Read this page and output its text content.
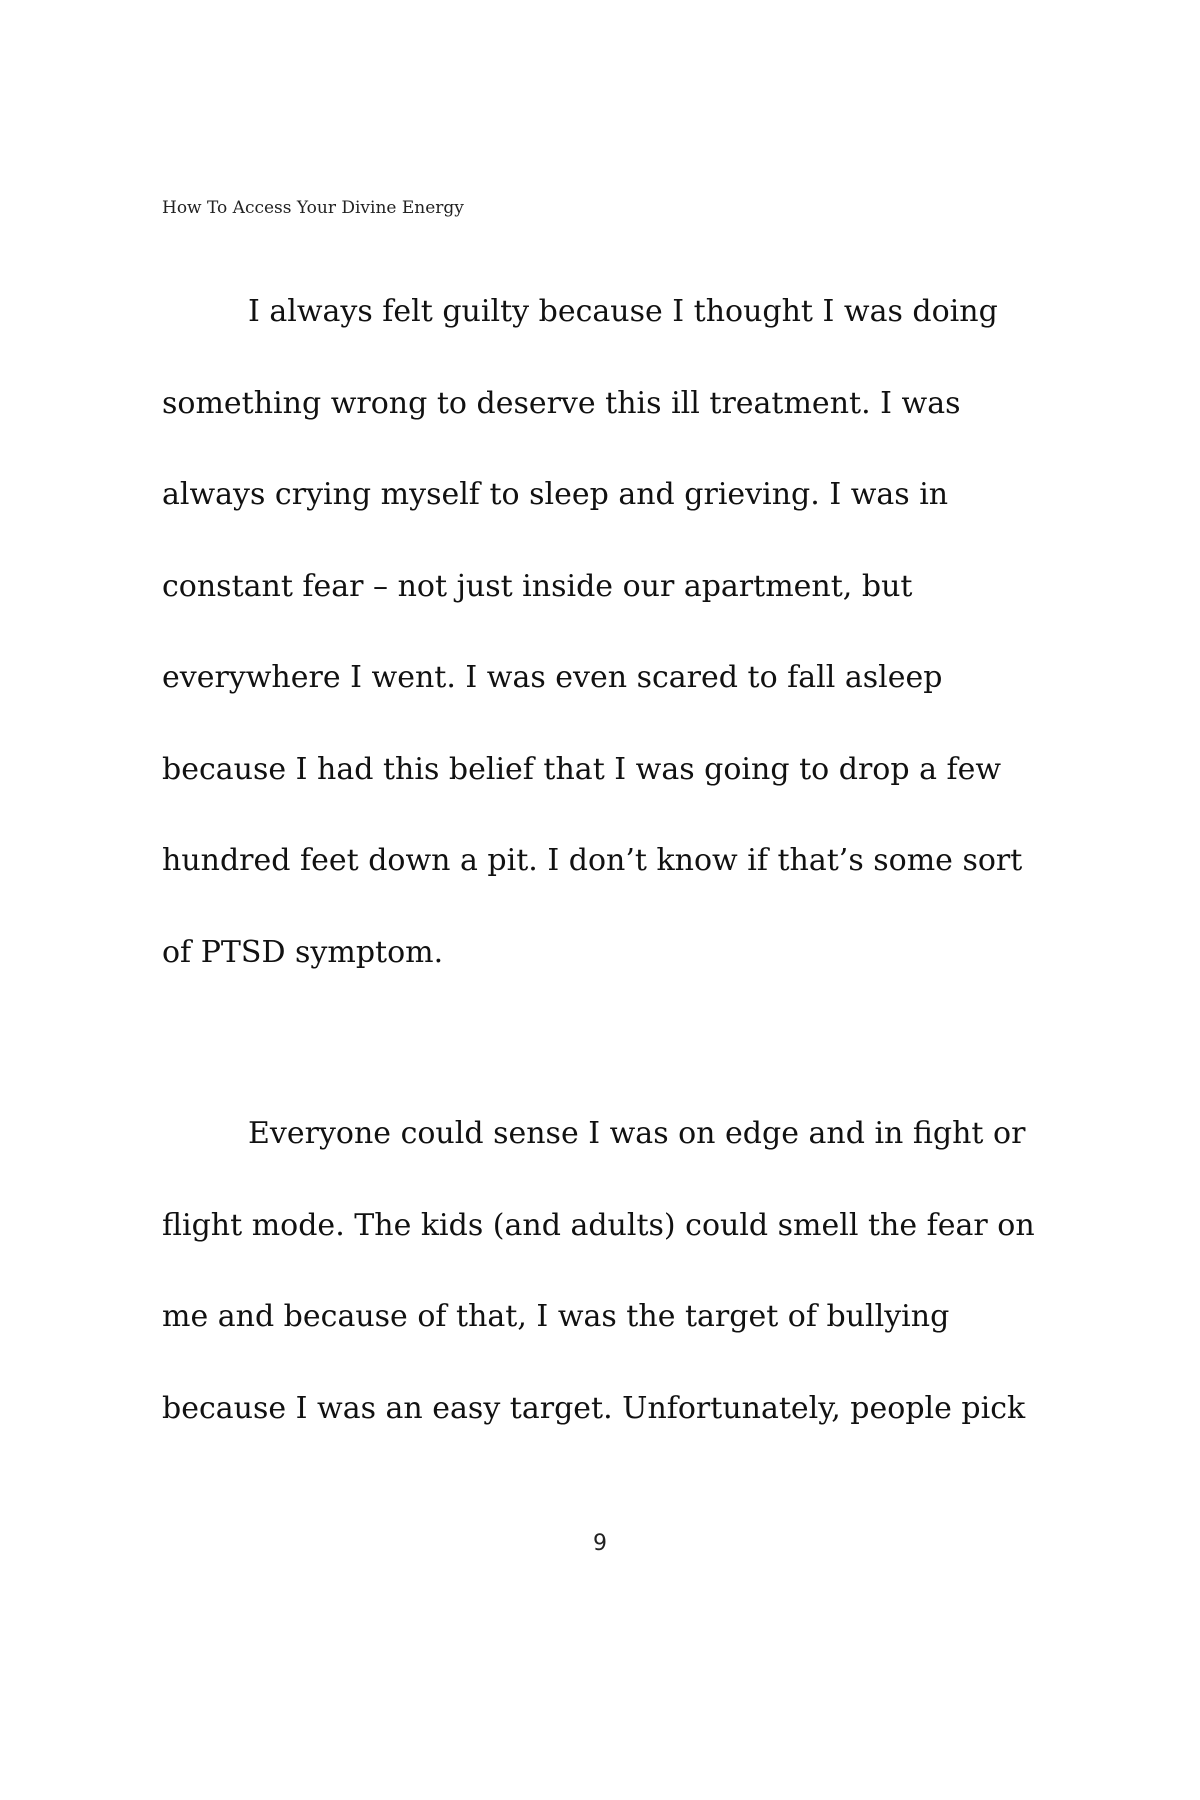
How To Access Your Divine Energy

I always felt guilty because I thought I was doing
something wrong to deserve this ill treatment. I was
always crying myself to sleep and grieving. I was in
constant fear – not just inside our apartment, but
everywhere I went. I was even scared to fall asleep
because I had this belief that I was going to drop a few
hundred feet down a pit. I don’t know if that’s some sort
of PTSD symptom.

Everyone could sense I was on edge and in fight or
flight mode. The kids (and adults) could smell the fear on
me and because of that, I was the target of bullying
because I was an easy target. Unfortunately, people pick

9
